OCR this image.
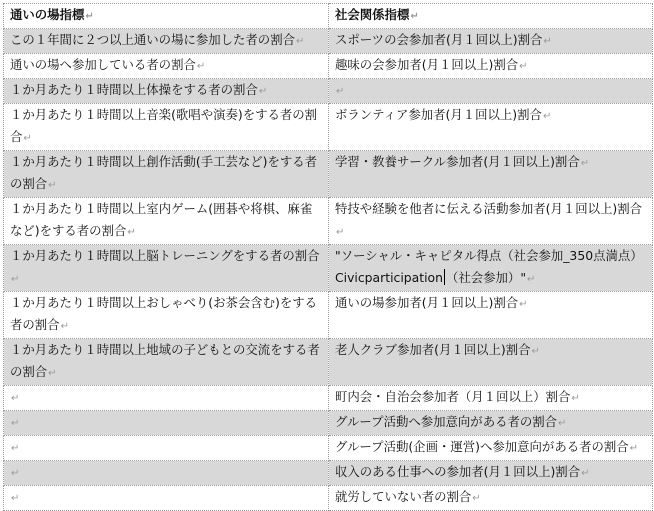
通いの場指標↵	社会関係指標↵
この１年間に２つ以上通いの場に参加した者の割合↵	スポーツの会参加者(月１回以上)割合↵
通いの場へ参加している者の割合↵	趣味の会参加者(月１回以上)割合↵
１か月あたり１時間以上体操をする者の割合↵	↵
１か月あたり１時間以上音楽(歌唱や演奏)をする者の割合↵	ボランティア参加者(月１回以上)割合↵
１か月あたり１時間以上創作活動(手工芸など)をする者の割合↵	学習・教養サークル参加者(月１回以上)割合↵
１か月あたり１時間以上室内ゲーム(囲碁や将棋、麻雀など)をする者の割合↵	特技や経験を他者に伝える活動参加者(月１回以上)割合↵
１か月あたり１時間以上脳トレーニングをする者の割合↵	"ソーシャル・キャピタル得点（社会参加_350点満点）
Civicparticipation （社会参加）"↵
１か月あたり１時間以上おしゃべり(お茶会含む)をする者の割合↵	通いの場参加者(月１回以上)割合↵
１か月あたり１時間以上地域の子どもとの交流をする者の割合↵	老人クラブ参加者(月１回以上)割合↵
↵	町内会・自治会参加者（月１回以上）割合↵
↵	グループ活動へ参加意向がある者の割合↵
↵	グループ活動(企画・運営)へ参加意向がある者の割合↵
↵	収入のある仕事への参加者(月１回以上)割合↵
↵	就労していない者の割合↵
